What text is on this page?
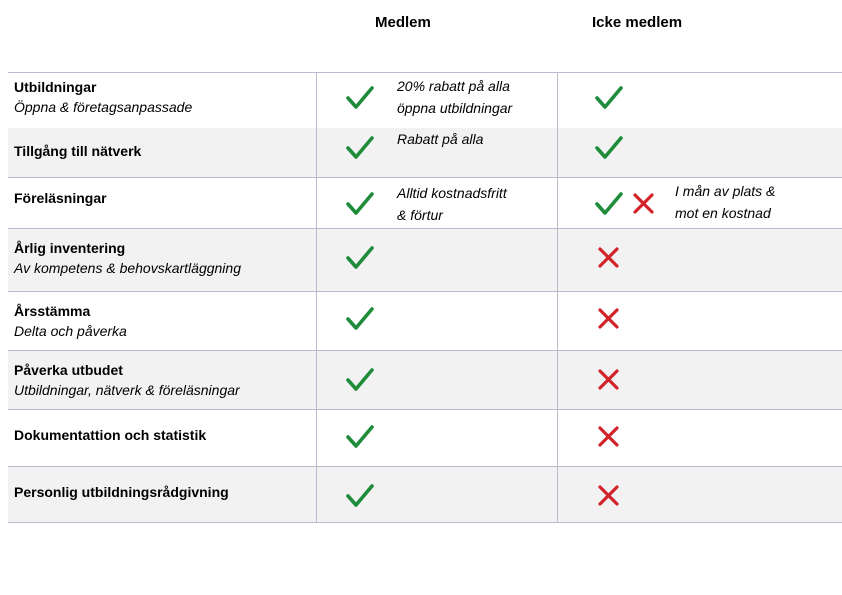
Medlem	Icke medlem
Utbildningar
Öppna & företagsanpassade
20% rabatt på alla
öppna utbildningar
Tillgång till nätverk
Rabatt på alla
Föreläsningar	Alltid kostnadsfritt
& förtur
I mån av plats &
mot en kostnad
Årlig inventering
Av kompetens & behovskartläggning
Årsstämma
Delta och påverka
Påverka utbudet
Utbildningar, nätverk & föreläsningar
Dokumentattion och statistik
Personlig utbildningsrådgivning
